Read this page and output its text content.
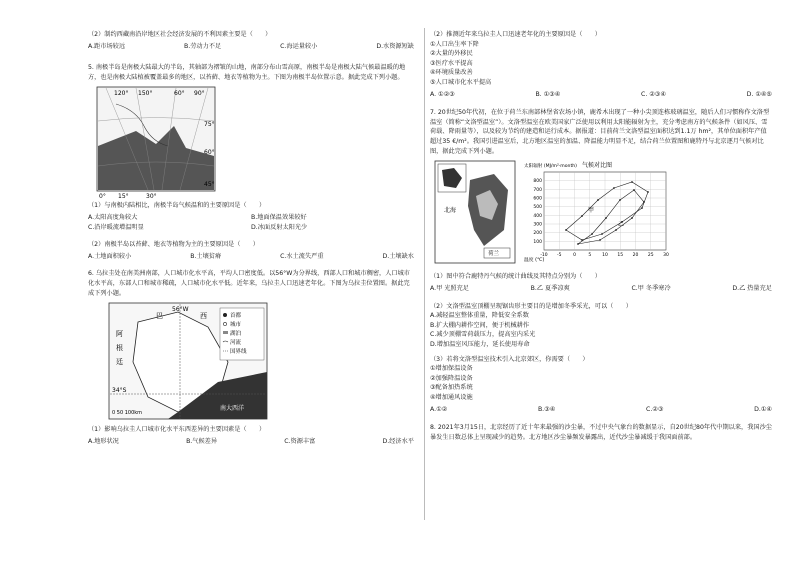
（2）制约西藏南沿岸地区社会经济发展的不利因素主要是（　　）

A.距市场较远	B.劳动力不足	C.海运量较小	D.水资源短缺

5. 南极半岛是南极大陆最大的半岛，其轴部为褶皱的山地，南部分布山雪高原，南极半岛是南极大陆气候最温暖的地方，也是南极大陆植被覆盖最多的地区，以苔藓、地衣等植物为主。下图为南极半岛位置示意。据此完成下列小题。

120° 150°	60° 90°
75°
60°
45°
0° 15°	30°

（1）与南极内陆相比，南极半岛气候温和的主要原因是（　　）

A.太阳高度角较大	B.地面保温效果较好
C.沿岸暖流增温明显	D.冰面反射太阳光少

（2）南极半岛以苔藓、地衣等植物为主的主要原因是（　　）

A.土地面积较小	B.土壤贫瘠	C.水土流失严重	D.土壤缺水

6. 乌拉圭处在南美洲南部，人口城市化水平高，平均人口密度低。以56°W为分界线，西部人口和城市稠密，人口城市化水平高，东部人口和城市稀疏，人口城市化水平低。近年来，乌拉圭人口迅速老年化。下图为乌拉圭位置图。据此完成下列小题。

56°W
34°S
巴	西
阿
根
廷
首都
城市
湖泊
河流
国界线
0 50 100km
南大西洋

（1）影响乌拉圭人口城市化水平东西差异的主要因素是（　　）

A.地形状况	B.气候差异	C.资源丰富	D.经济水平

（2）推测近年来乌拉圭人口迅速老年化的主要原因是（　　）

①人口出生率下降

②大量的外移民

③医疗水平提高

④环境质量改善

⑤人口城市化水平提高

A. ①②③	B. ①③④	C. ②③④	D. ①④⑤

7. 20世纪50年代初，在位于荷兰东南部林堡省农场小镇，鹿希木出现了一种小尖顶连栋玻璃温室，随后人们习惯称作文洛型温室（简称“文洛型温室”）。文洛型温室在欧美国家广泛使用以利用太阳能辐射为主，充分考虑南方的气候条件（如风压、雪荷载、降雨量等），以及较为节约的建造和运行成本。据报道：目前荷兰文洛型温室面积达到1.1万 hm²，其单位面积年产值超过35 €/m²。我国引进温室后，北方地区温室的加温、降温能力明显不足，结合荷兰位置图和鹿特丹与北京逐月气候对比图，据此完成下列小题。

北海
荷兰
气候对比图
太阳辐射 (MJ/m²·month)
800
700
600
500
400
300
200
100
-10 -5	0	5 10 15 20 25 30
甲
乙
温度 (℃)

（1）图中符合鹿特丹气候的统计曲线及其特点分别为（　　）

A.甲 光照充足	B.乙 夏季凉爽	C.甲 冬季寒冷	D.乙 热量充足

（2）文洛型温室顶棚呈现锯齿形主要目的是增加冬季采光，可以（　　）

A.减轻温室整体重量，降低安全系数

B.扩大棚内耕作空间，便于机械耕作

C.减少顶棚雪荷载压力，提高室内采光

D.增加温室风压能力，延长使用寿命

（3）若将文洛型温室技术引入北京郊区，你需要（　　）

①增加保温设备

②加强降温设备

③配备加热系统

④增加通风设施

A.①②	B.③④	C.②③	D.①④

8. 2021年3月15日，北京经历了近十年来最强的沙尘暴，不过中央气象台的数据显示，自20世纪80年代中期以来，我国沙尘暴发生日数总体上呈现减少的趋势。北方地区沙尘暴频发暴露出，近代沙尘暴减缓于我国面前部。
